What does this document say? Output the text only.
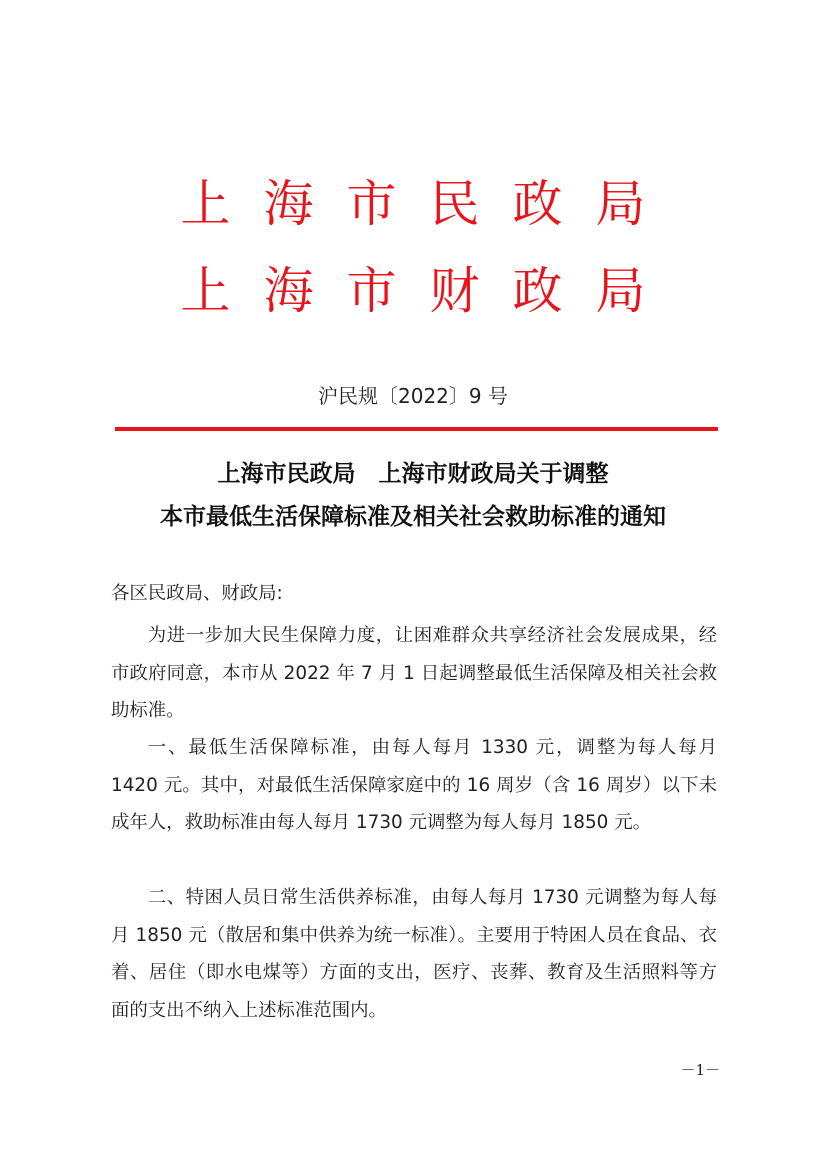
上海市民政局
上海市财政局
沪民规〔2022〕9 号
上海市民政局　上海市财政局关于调整
本市最低生活保障标准及相关社会救助标准的通知
各区民政局、财政局:
为进一步加大民生保障力度，让困难群众共享经济社会发展成果，经市政府同意，本市从 2022 年 7 月 1 日起调整最低生活保障及相关社会救助标准。
一、最低生活保障标准，由每人每月 1330 元，调整为每人每月 1420 元。其中，对最低生活保障家庭中的 16 周岁（含 16 周岁）以下未成年人，救助标准由每人每月 1730 元调整为每人每月 1850 元。
二、特困人员日常生活供养标准，由每人每月 1730 元调整为每人每月 1850 元（散居和集中供养为统一标准）。主要用于特困人员在食品、衣着、居住（即水电煤等）方面的支出，医疗、丧葬、教育及生活照料等方面的支出不纳入上述标准范围内。
－1－
